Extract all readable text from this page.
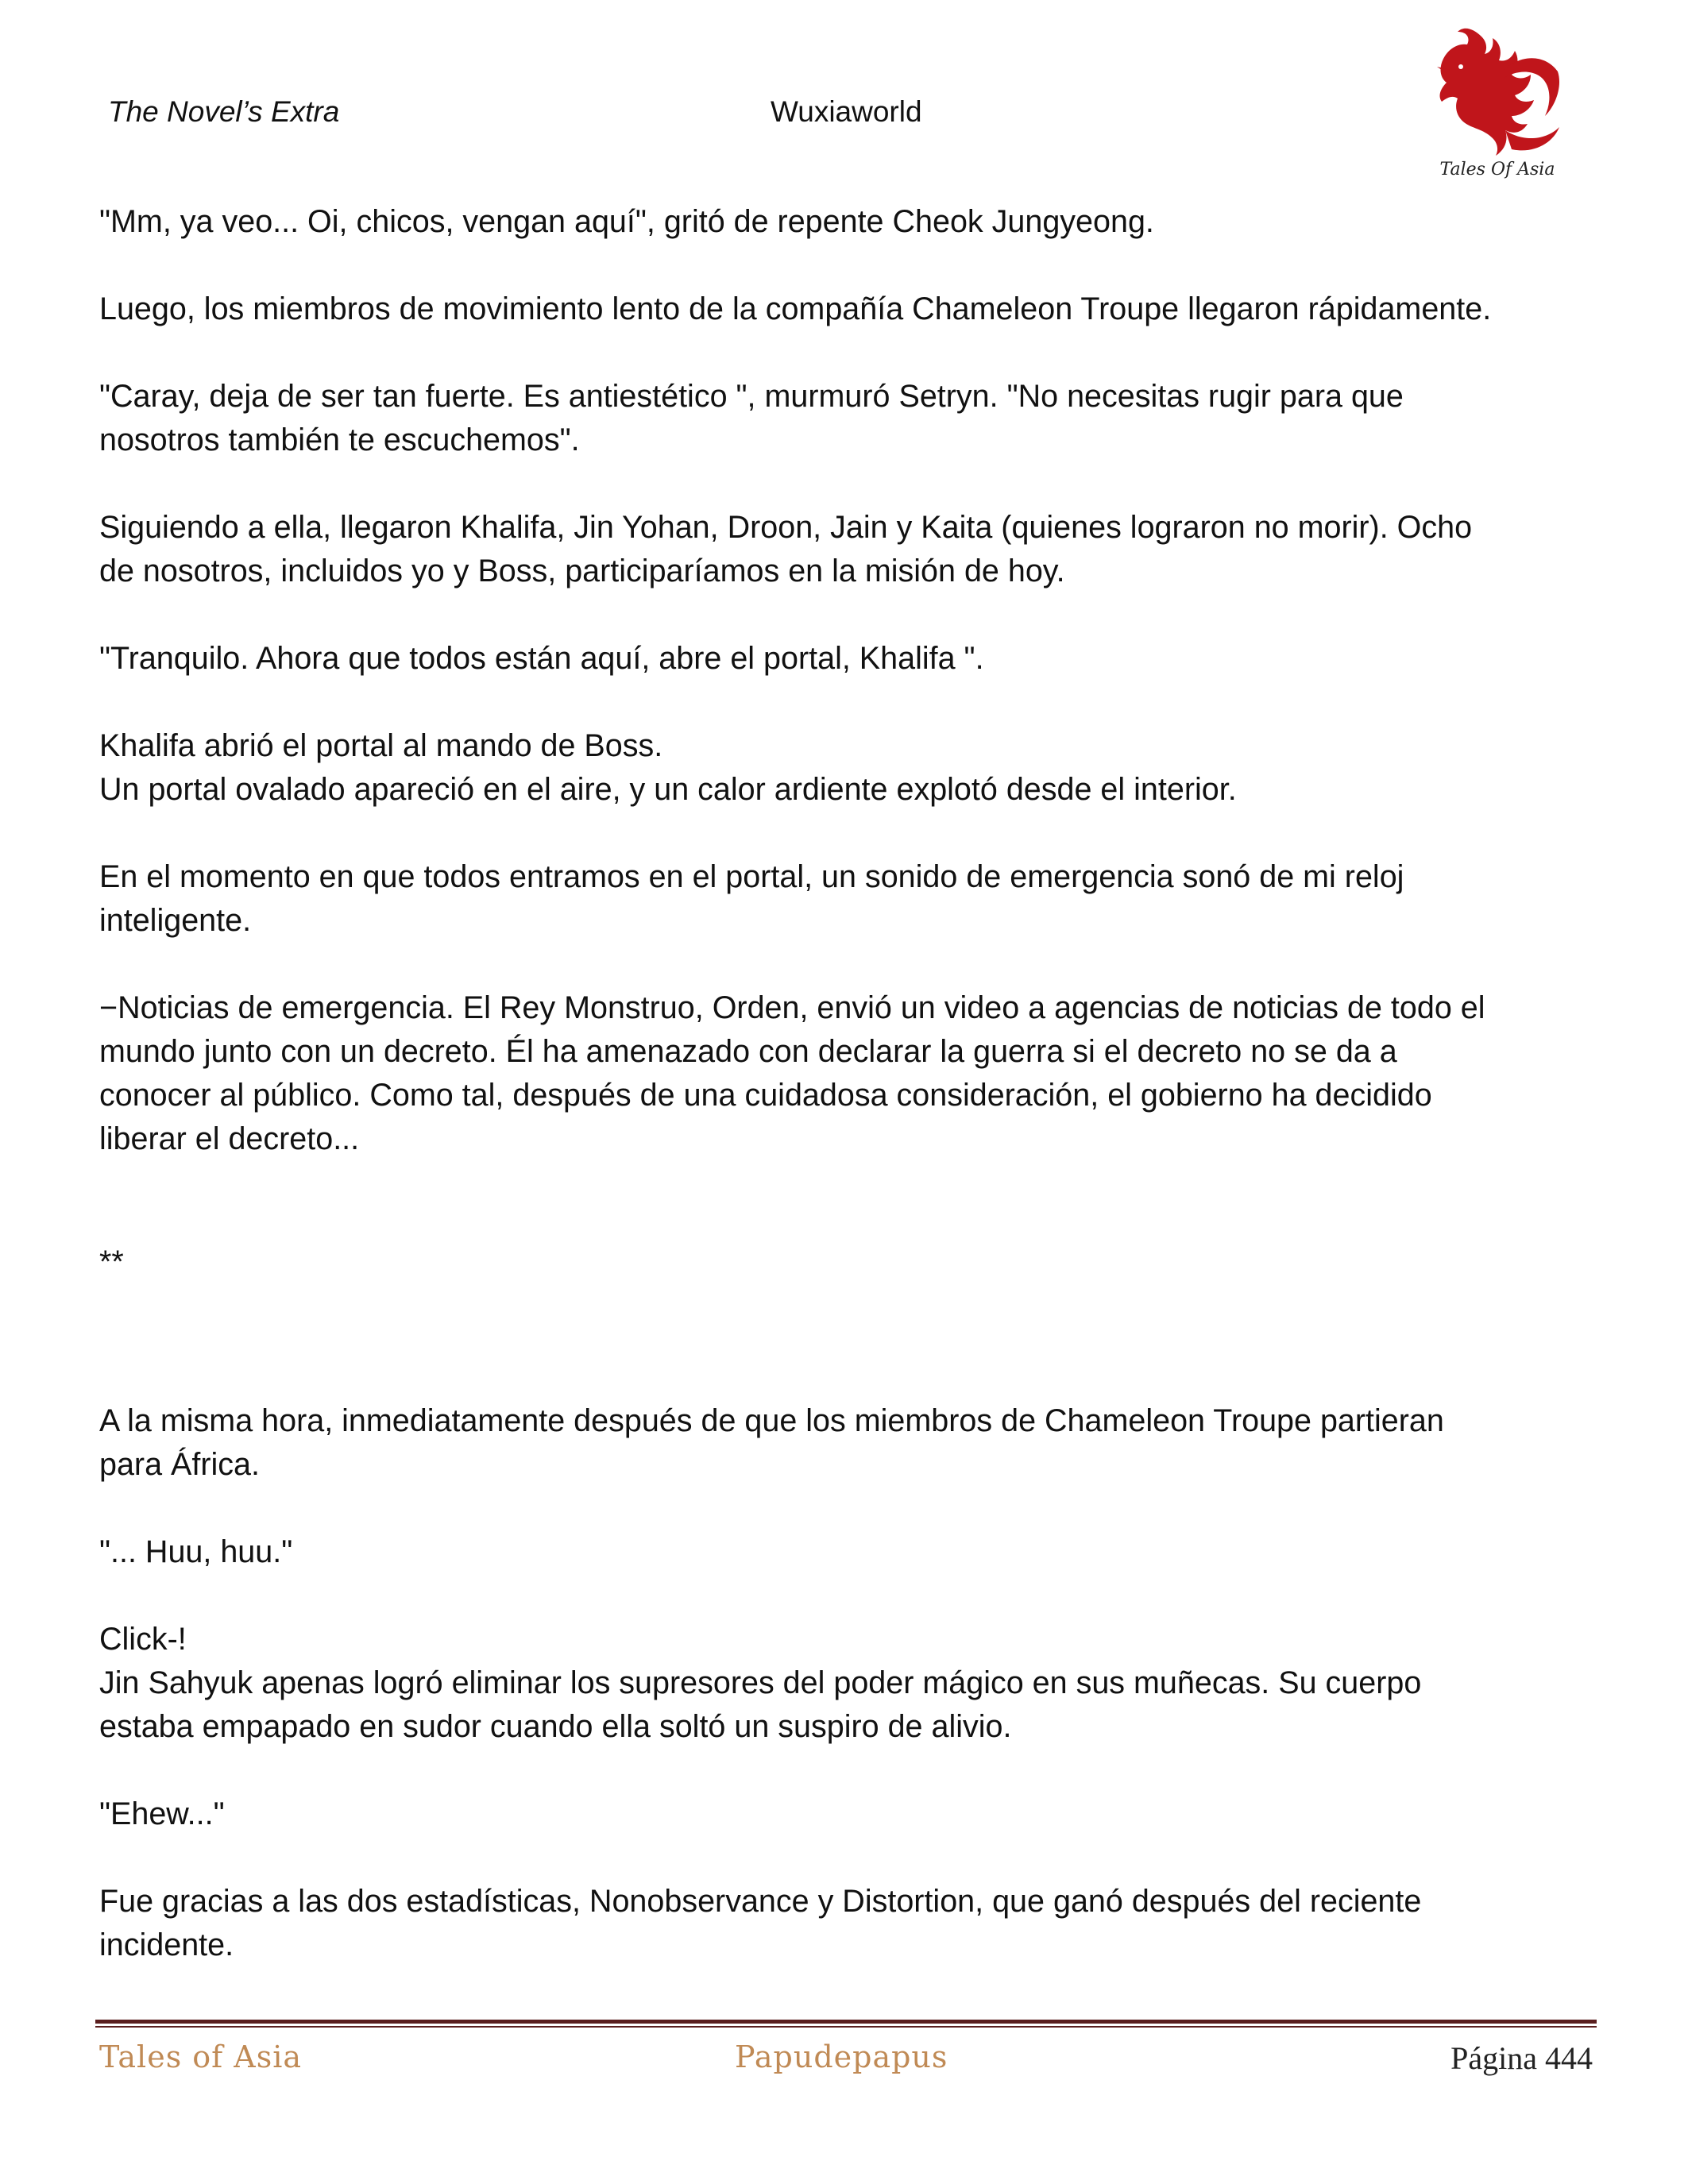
The Novel’s Extra	Wuxiaworld
Tales Of Asia

"Mm, ya veo... Oi, chicos, vengan aquí", gritó de repente Cheok Jungyeong.

Luego, los miembros de movimiento lento de la compañía Chameleon Troupe llegaron rápidamente.

"Caray, deja de ser tan fuerte. Es antiestético ", murmuró Setryn. "No necesitas rugir para que
nosotros también te escuchemos".

Siguiendo a ella, llegaron Khalifa, Jin Yohan, Droon, Jain y Kaita (quienes lograron no morir). Ocho
de nosotros, incluidos yo y Boss, participaríamos en la misión de hoy.

"Tranquilo. Ahora que todos están aquí, abre el portal, Khalifa ".

Khalifa abrió el portal al mando de Boss.
Un portal ovalado apareció en el aire, y un calor ardiente explotó desde el interior.

En el momento en que todos entramos en el portal, un sonido de emergencia sonó de mi reloj
inteligente.

−Noticias de emergencia. El Rey Monstruo, Orden, envió un video a agencias de noticias de todo el
mundo junto con un decreto. Él ha amenazado con declarar la guerra si el decreto no se da a
conocer al público. Como tal, después de una cuidadosa consideración, el gobierno ha decidido
liberar el decreto...

**

A la misma hora, inmediatamente después de que los miembros de Chameleon Troupe partieran
para África.

"... Huu, huu."

Click-!
Jin Sahyuk apenas logró eliminar los supresores del poder mágico en sus muñecas. Su cuerpo
estaba empapado en sudor cuando ella soltó un suspiro de alivio.

"Ehew..."

Fue gracias a las dos estadísticas, Nonobservance y Distortion, que ganó después del reciente
incidente.

Tales of Asia	Papudepapus	Página 444
